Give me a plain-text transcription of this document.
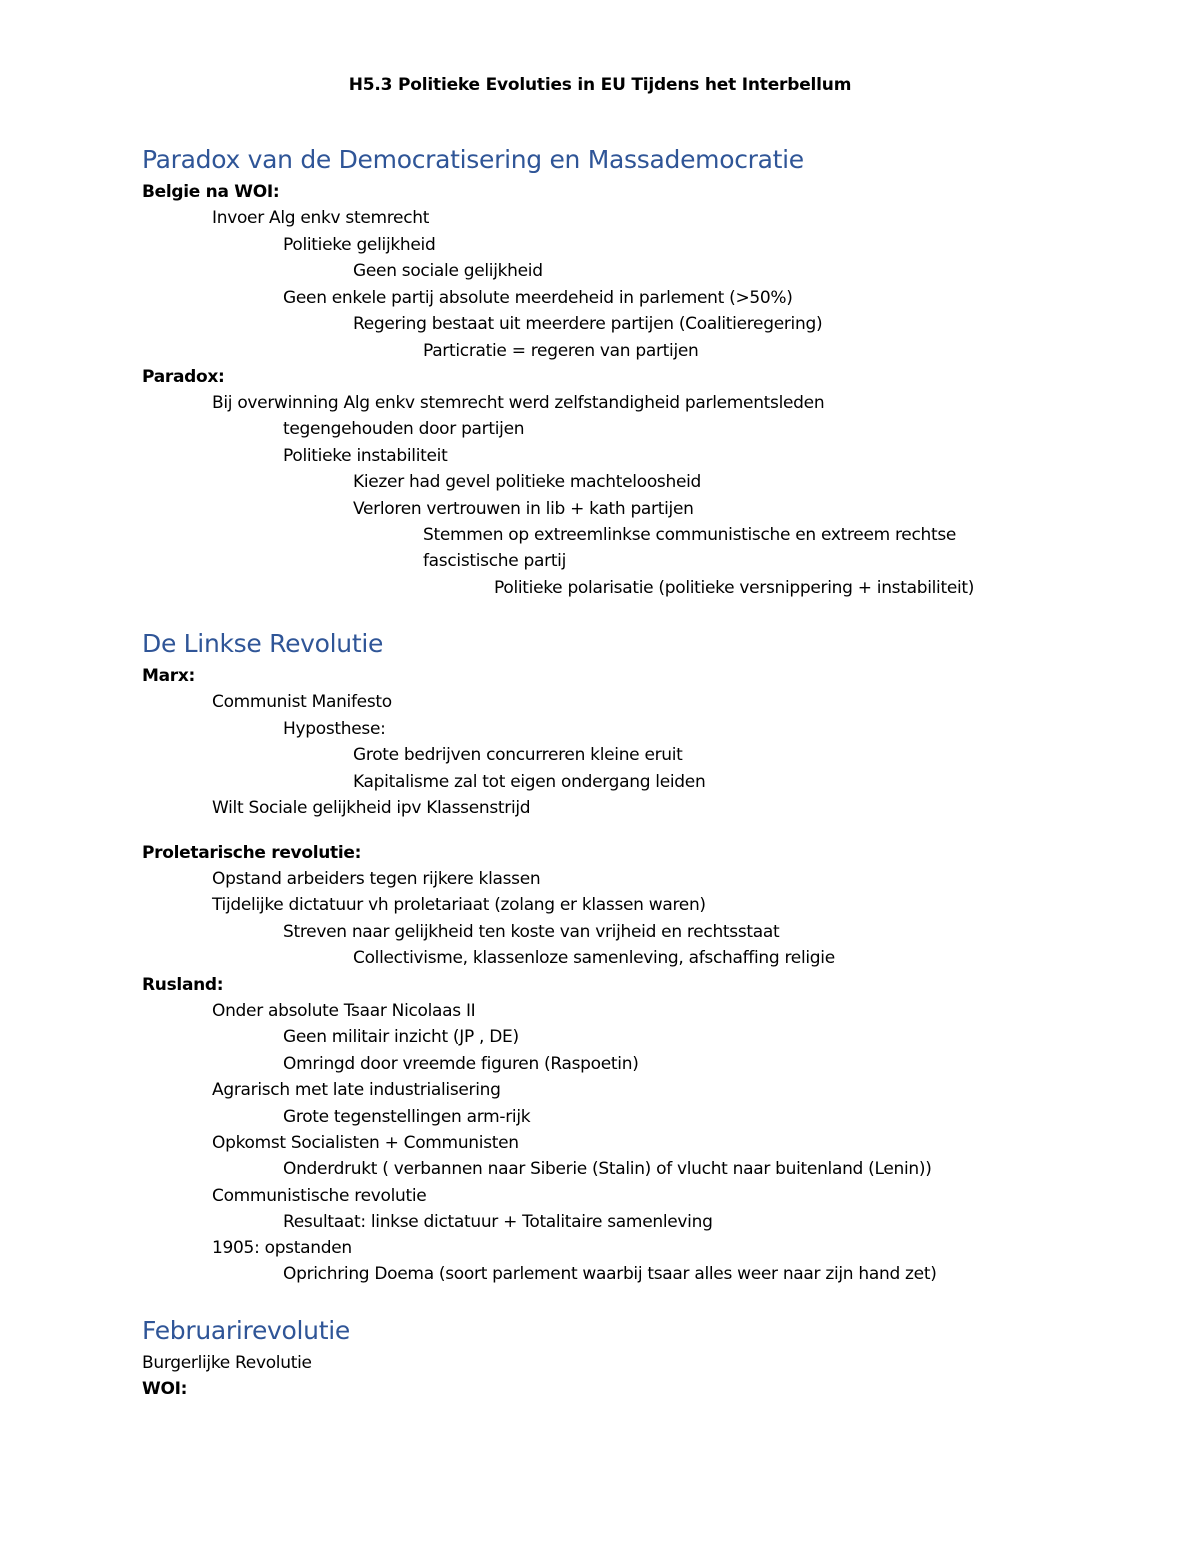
H5.3 Politieke Evoluties in EU Tijdens het Interbellum
Paradox van de Democratisering en Massademocratie
Belgie na WOI:
Invoer Alg enkv stemrecht
Politieke gelijkheid
Geen sociale gelijkheid
Geen enkele partij absolute meerdeheid in parlement (>50%)
Regering bestaat uit meerdere partijen (Coalitieregering)
Particratie = regeren van partijen
Paradox:
Bij overwinning Alg enkv stemrecht werd zelfstandigheid parlementsleden
tegengehouden door partijen
Politieke instabiliteit
Kiezer had gevel politieke machteloosheid
Verloren vertrouwen in lib + kath partijen
Stemmen op extreemlinkse communistische en extreem rechtse
fascistische partij
Politieke polarisatie (politieke versnippering + instabiliteit)
De Linkse Revolutie
Marx:
Communist Manifesto
Hyposthese:
Grote bedrijven concurreren kleine eruit
Kapitalisme zal tot eigen ondergang leiden
Wilt Sociale gelijkheid ipv Klassenstrijd
Proletarische revolutie:
Opstand arbeiders tegen rijkere klassen
Tijdelijke dictatuur vh proletariaat (zolang er klassen waren)
Streven naar gelijkheid ten koste van vrijheid en rechtsstaat
Collectivisme, klassenloze samenleving, afschaffing religie
Rusland:
Onder absolute Tsaar Nicolaas II
Geen militair inzicht (JP , DE)
Omringd door vreemde figuren (Raspoetin)
Agrarisch met late industrialisering
Grote tegenstellingen arm-rijk
Opkomst Socialisten + Communisten
Onderdrukt ( verbannen naar Siberie (Stalin) of vlucht naar buitenland (Lenin))
Communistische revolutie
Resultaat: linkse dictatuur + Totalitaire samenleving
1905: opstanden
Oprichring Doema (soort parlement waarbij tsaar alles weer naar zijn hand zet)
Februarirevolutie
Burgerlijke Revolutie
WOI:
